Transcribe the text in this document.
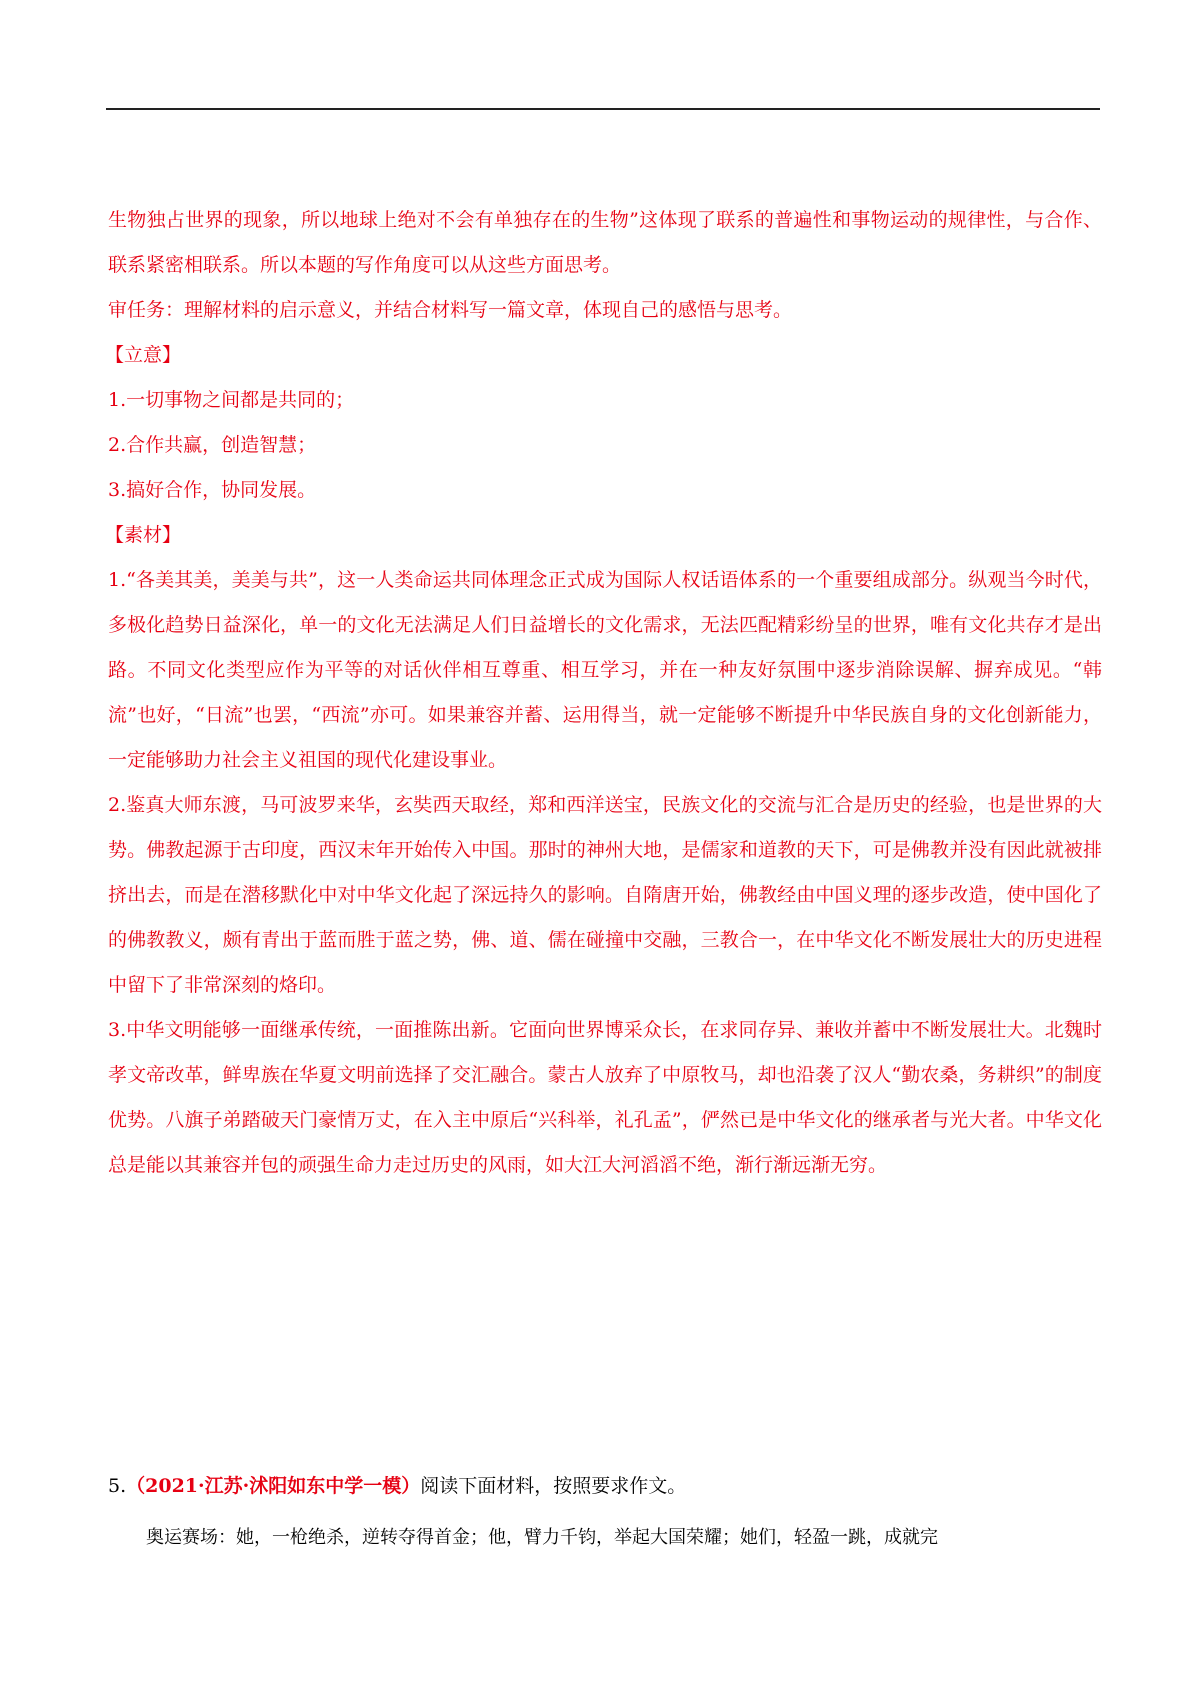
生物独占世界的现象，所以地球上绝对不会有单独存在的生物”这体现了联系的普遍性和事物运动的规律性，与合作、联系紧密相联系。所以本题的写作角度可以从这些方面思考。

审任务：理解材料的启示意义，并结合材料写一篇文章，体现自己的感悟与思考。

【立意】

1.一切事物之间都是共同的；

2.合作共赢，创造智慧；

3.搞好合作，协同发展。

【素材】

1.“各美其美，美美与共”，这一人类命运共同体理念正式成为国际人权话语体系的一个重要组成部分。纵观当今时代，多极化趋势日益深化，单一的文化无法满足人们日益增长的文化需求，无法匹配精彩纷呈的世界，唯有文化共存才是出路。不同文化类型应作为平等的对话伙伴相互尊重、相互学习，并在一种友好氛围中逐步消除误解、摒弃成见。“韩流”也好，“日流”也罢，“西流”亦可。如果兼容并蓄、运用得当，就一定能够不断提升中华民族自身的文化创新能力，一定能够助力社会主义祖国的现代化建设事业。

2.鉴真大师东渡，马可波罗来华，玄奘西天取经，郑和西洋送宝，民族文化的交流与汇合是历史的经验，也是世界的大势。佛教起源于古印度，西汉末年开始传入中国。那时的神州大地，是儒家和道教的天下，可是佛教并没有因此就被排挤出去，而是在潜移默化中对中华文化起了深远持久的影响。自隋唐开始，佛教经由中国义理的逐步改造，使中国化了的佛教教义，颇有青出于蓝而胜于蓝之势，佛、道、儒在碰撞中交融，三教合一，在中华文化不断发展壮大的历史进程中留下了非常深刻的烙印。

3.中华文明能够一面继承传统，一面推陈出新。它面向世界博采众长，在求同存异、兼收并蓄中不断发展壮大。北魏时孝文帝改革，鲜卑族在华夏文明前选择了交汇融合。蒙古人放弃了中原牧马，却也沿袭了汉人“勤农桑，务耕织”的制度优势。八旗子弟踏破天门豪情万丈，在入主中原后“兴科举，礼孔孟”，俨然已是中华文化的继承者与光大者。中华文化总是能以其兼容并包的顽强生命力走过历史的风雨，如大江大河滔滔不绝，渐行渐远渐无穷。

5.（2021·江苏·沭阳如东中学一模）阅读下面材料，按照要求作文。
奥运赛场：她，一枪绝杀，逆转夺得首金；他，臂力千钧，举起大国荣耀；她们，轻盈一跳，成就完
